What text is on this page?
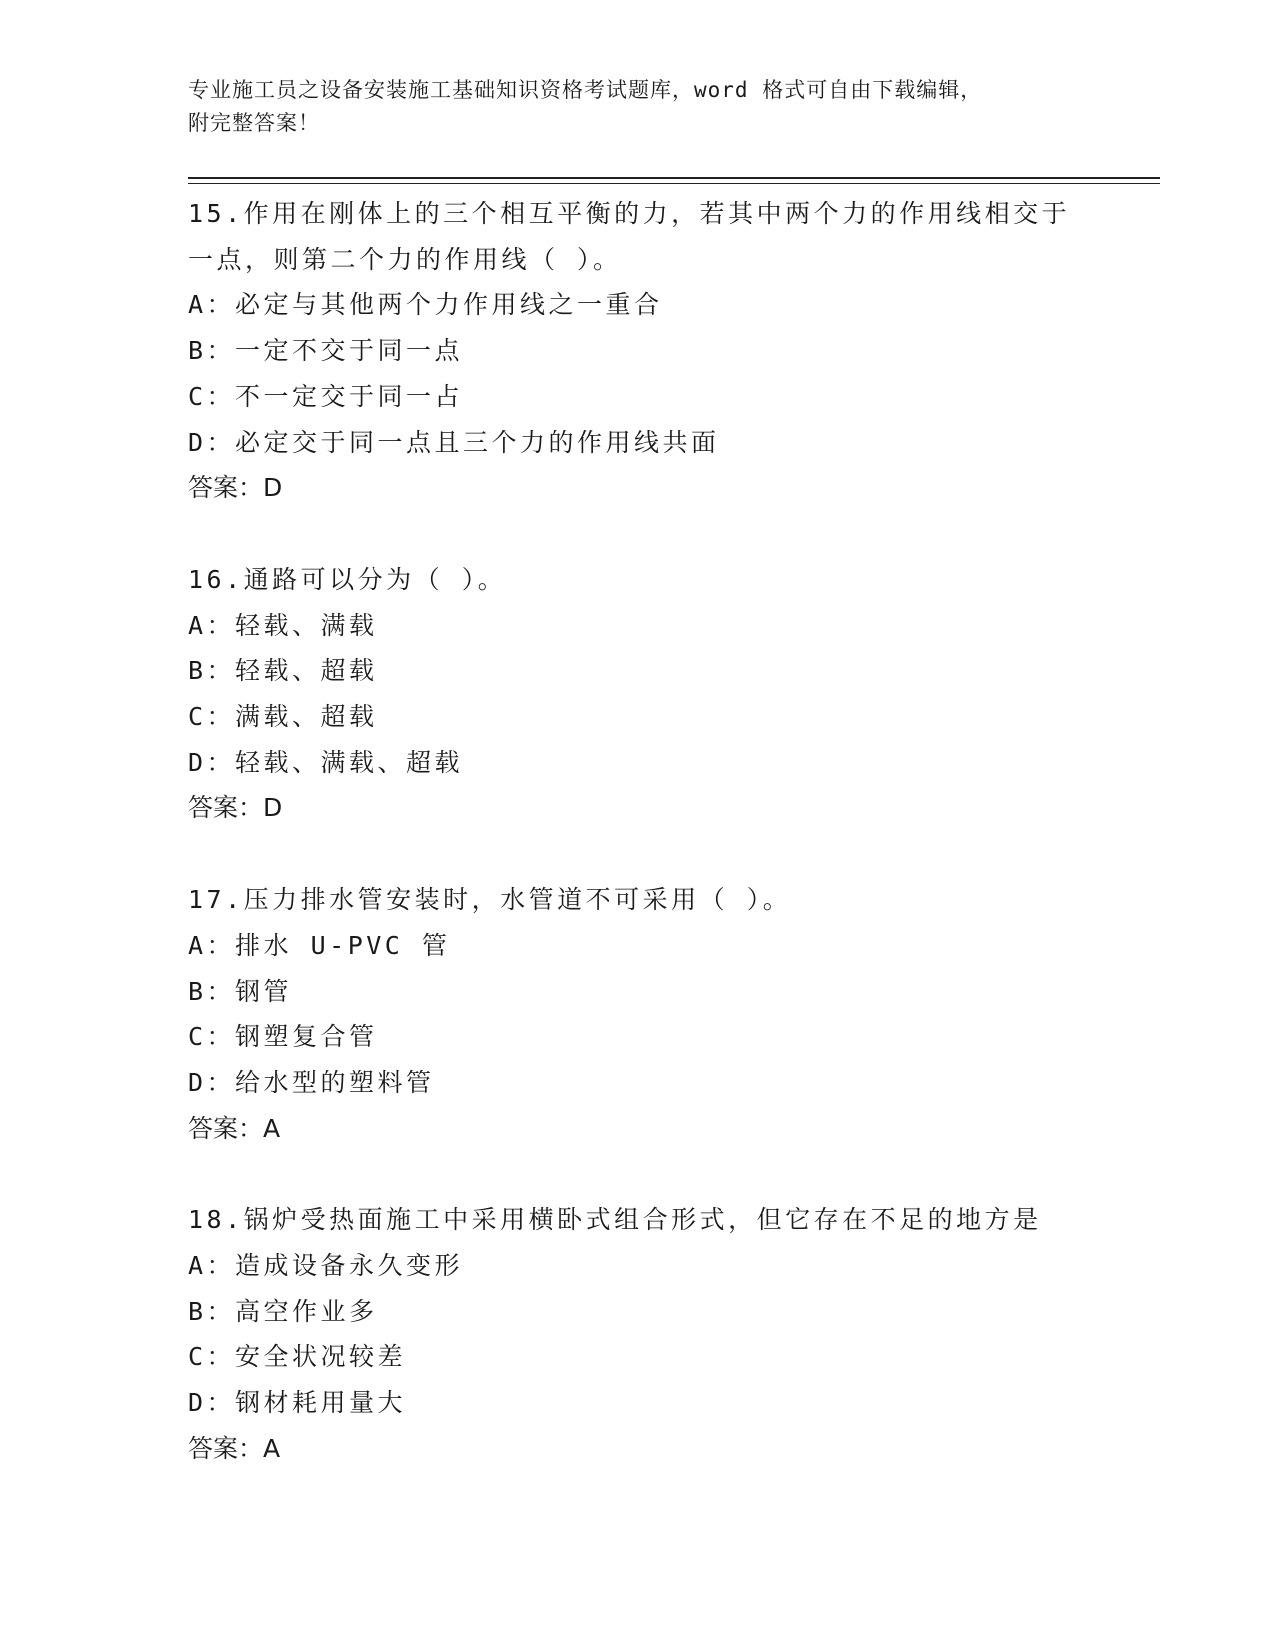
专业施工员之设备安装施工基础知识资格考试题库，word 格式可自由下载编辑，
附完整答案！
15.作用在刚体上的三个相互平衡的力，若其中两个力的作用线相交于
一点，则第二个力的作用线（ ）。
A：必定与其他两个力作用线之一重合
B：一定不交于同一点
C：不一定交于同一占
D：必定交于同一点且三个力的作用线共面
答案：D
16.通路可以分为（ ）。
A：轻载、满载
B：轻载、超载
C：满载、超载
D：轻载、满载、超载
答案：D
17.压力排水管安装时，水管道不可采用（ ）。
A：排水 U-PVC 管
B：钢管
C：钢塑复合管
D：给水型的塑料管
答案：A
18.锅炉受热面施工中采用横卧式组合形式，但它存在不足的地方是
A：造成设备永久变形
B：高空作业多
C：安全状况较差
D：钢材耗用量大
答案：A
